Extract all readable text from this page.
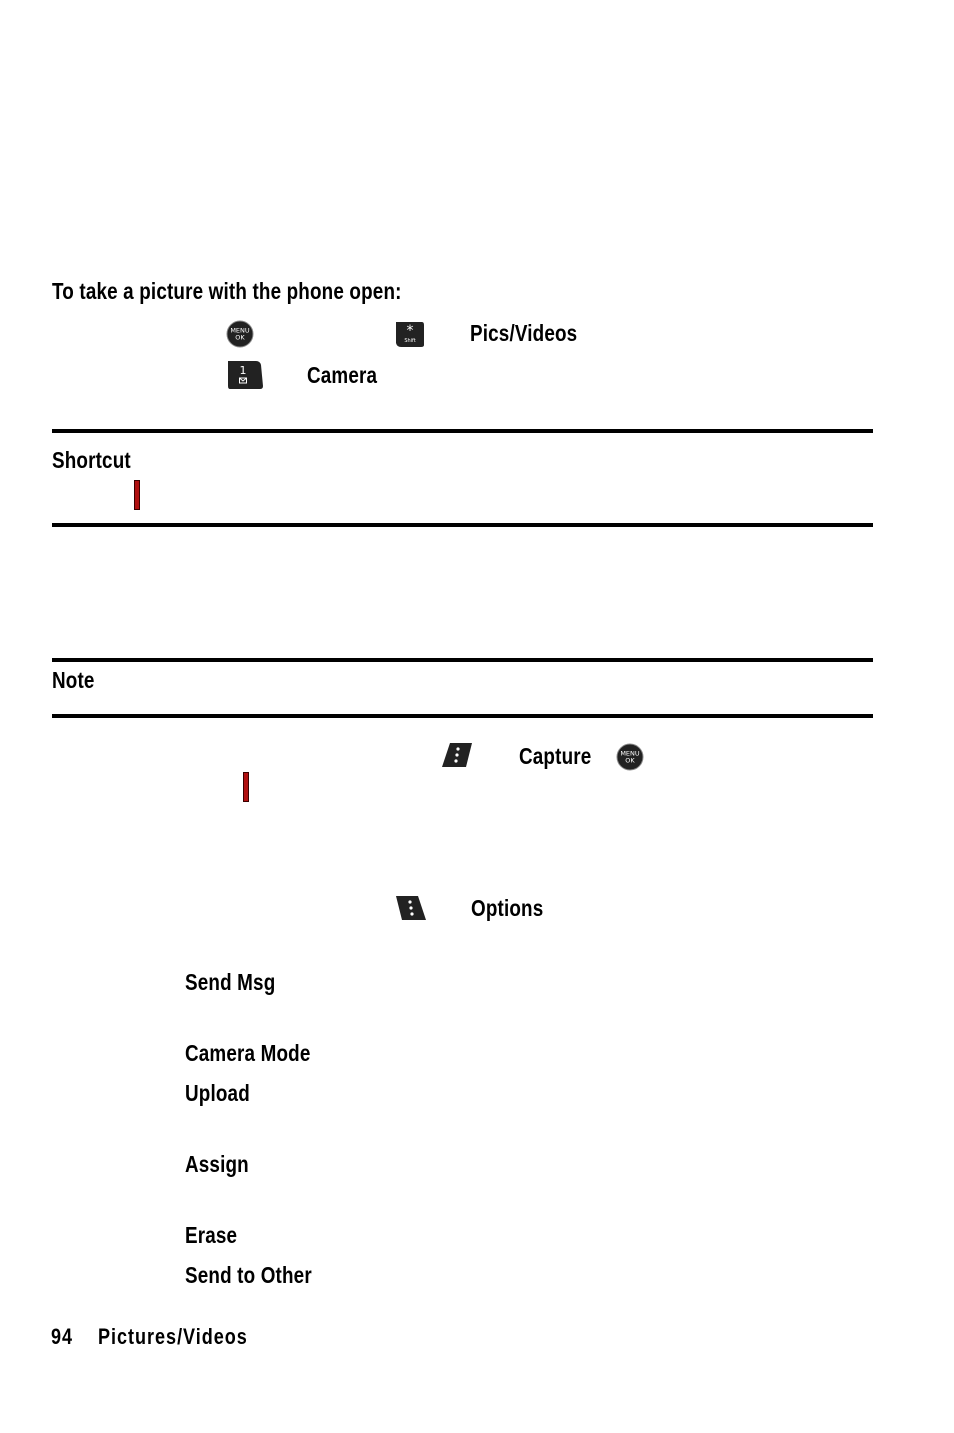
To take a picture with the phone open:
MENU
OK	*
Shift Pics/Videos
1	Camera
Shortcut
Note
Capture	MENU
OK
Options
Send Msg
Camera Mode
Upload
Assign
Erase
Send to Other
94 Pictures/Videos
